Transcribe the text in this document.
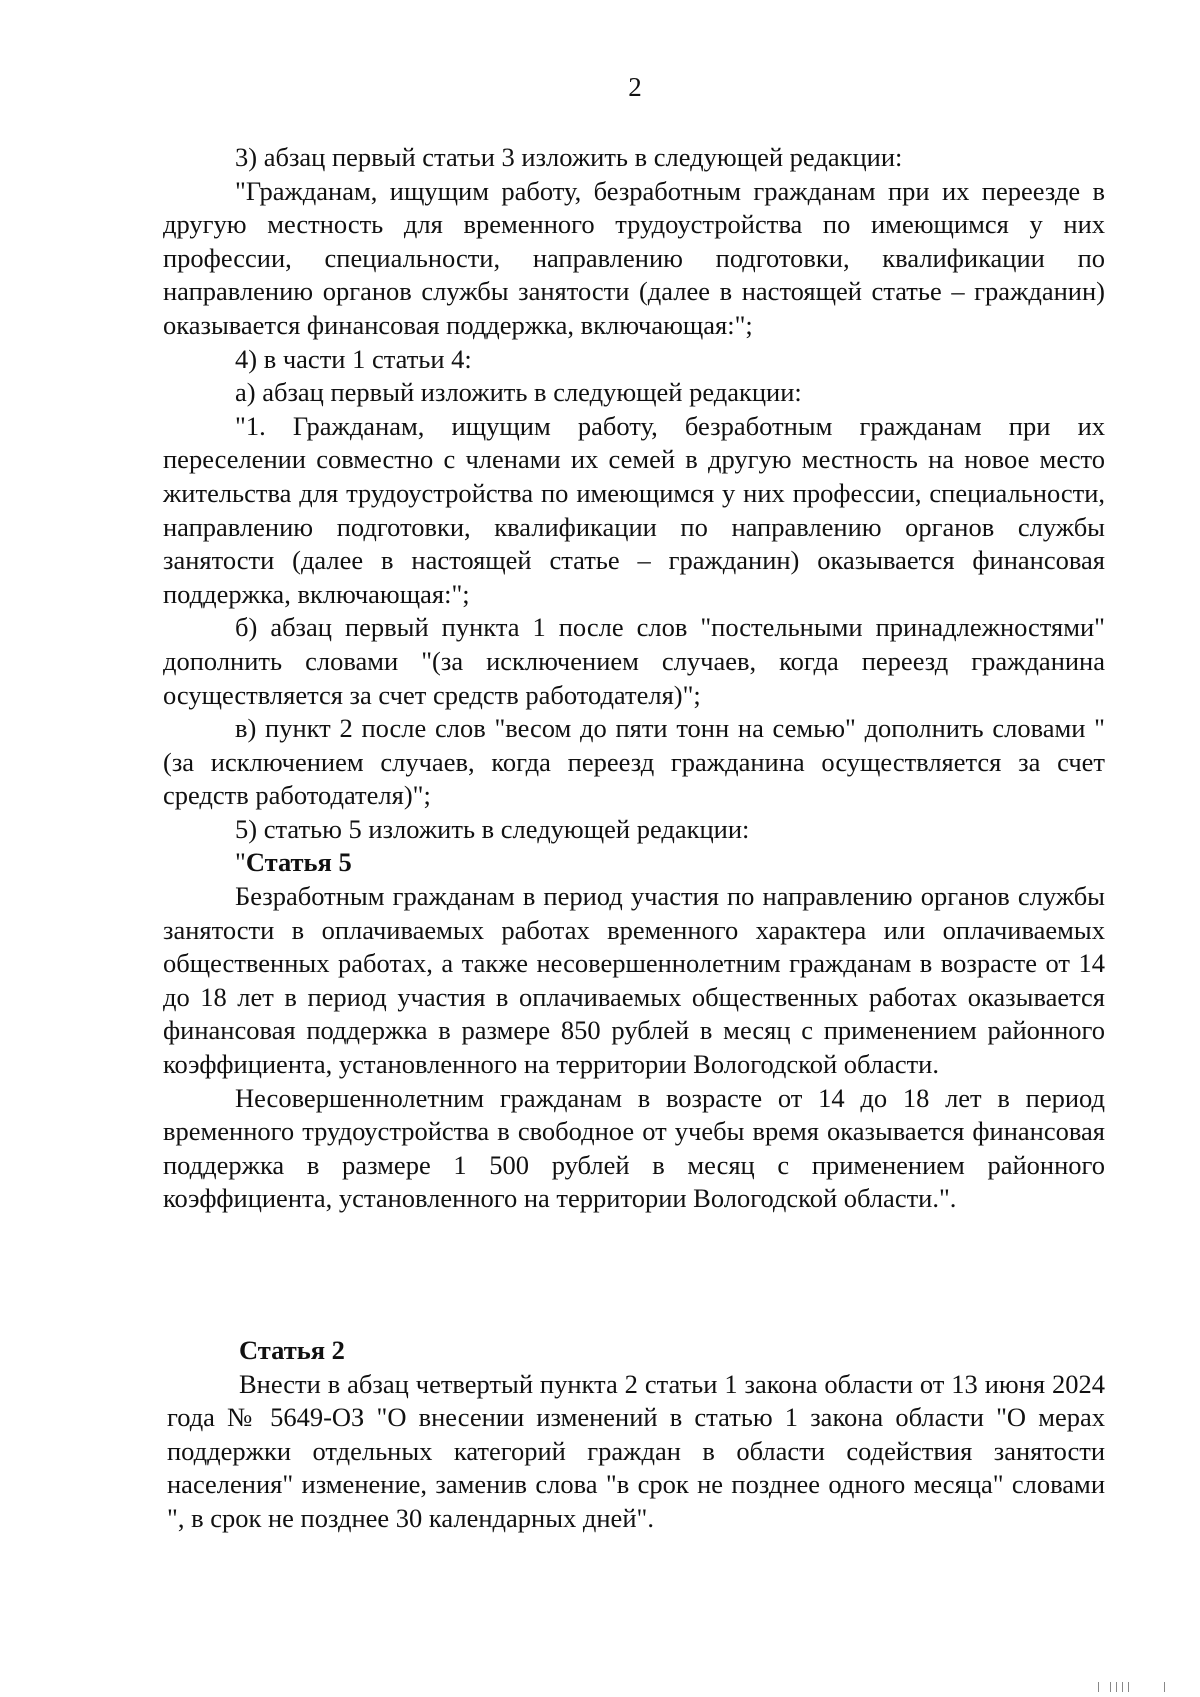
2

3) абзац первый статьи 3 изложить в следующей редакции:

"Гражданам, ищущим работу, безработным гражданам при их переезде в другую местность для временного трудоустройства по имеющимся у них профессии, специальности, направлению подготовки, квалификации по направлению органов службы занятости (далее в настоящей статье – гражданин) оказывается финансовая поддержка, включающая:";

4) в части 1 статьи 4:

а) абзац первый изложить в следующей редакции:

"1. Гражданам, ищущим работу, безработным гражданам при их переселении совместно с членами их семей в другую местность на новое место жительства для трудоустройства по имеющимся у них профессии, специальности, направлению подготовки, квалификации по направлению органов службы занятости (далее в настоящей статье – гражданин) оказывается финансовая поддержка, включающая:";

б) абзац первый пункта 1 после слов "постельными принадлежностями" дополнить словами "(за исключением случаев, когда переезд гражданина осуществляется за счет средств работодателя)";

в) пункт 2 после слов "весом до пяти тонн на семью" дополнить словами "(за исключением случаев, когда переезд гражданина осуществляется за счет средств работодателя)";

5) статью 5 изложить в следующей редакции:

"Статья 5

Безработным гражданам в период участия по направлению органов службы занятости в оплачиваемых работах временного характера или оплачиваемых общественных работах, а также несовершеннолетним гражданам в возрасте от 14 до 18 лет в период участия в оплачиваемых общественных работах оказывается финансовая поддержка в размере 850 рублей в месяц с применением районного коэффициента, установленного на территории Вологодской области.

Несовершеннолетним гражданам в возрасте от 14 до 18 лет в период временного трудоустройства в свободное от учебы время оказывается финансовая поддержка в размере 1 500 рублей в месяц с применением районного коэффициента, установленного на территории Вологодской области.".

Статья 2

Внести в абзац четвертый пункта 2 статьи 1 закона области от 13 июня 2024 года № 5649-ОЗ "О внесении изменений в статью 1 закона области "О мерах поддержки отдельных категорий граждан в области содействия занятости населения" изменение, заменив слова "в срок не позднее одного месяца" словами ", в срок не позднее 30 календарных дней".
